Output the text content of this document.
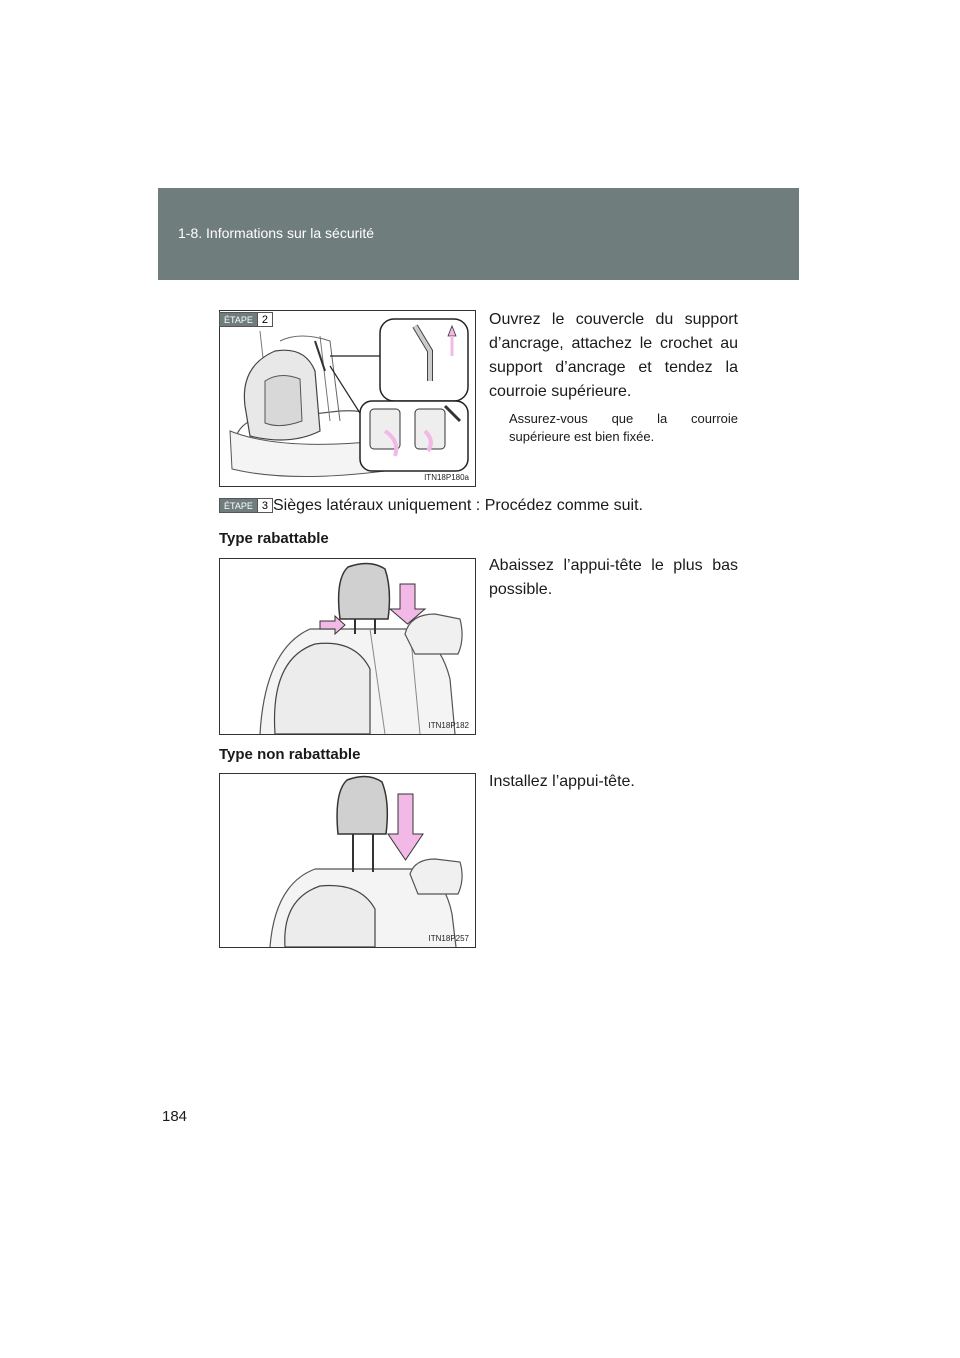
1-8. Informations sur la sécurité
ITN18P180a
ÉTAPE 2	Ouvrez le couvercle du support d’ancrage, attachez le crochet au support d’ancrage et tendez la courroie supérieure.
Assurez-vous que la courroie supérieure est bien fixée.
ÉTAPE 3 Sièges latéraux uniquement : Procédez comme suit.
Type rabattable
ITN18P182
Abaissez l’appui-tête le plus bas possible.
Type non rabattable
ITN18P257
Installez l’appui-tête.
184
